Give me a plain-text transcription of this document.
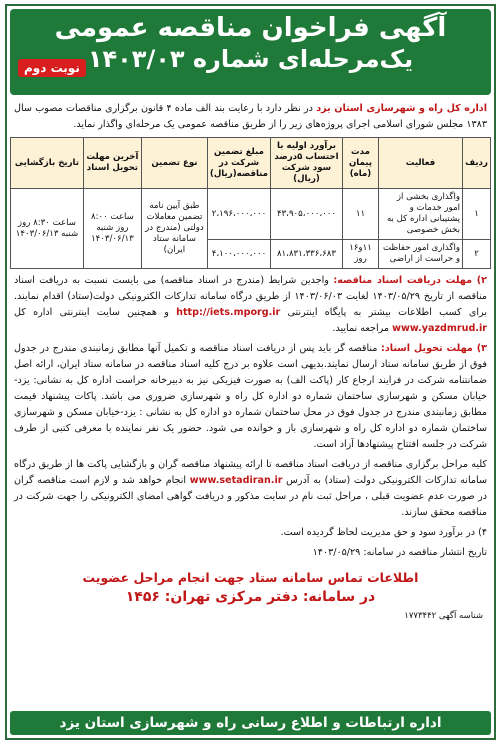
آگهی فراخوان مناقصه عمومی
یک‌مرحله‌ای شماره ۱۴۰۳/۰۳
نوبت دوم

اداره کل راه و شهرسازی استان یزد در نظر دارد با رعایت بند الف ماده ۴ قانون برگزاری مناقصات مصوب سال ۱۳۸۳ مجلس شورای اسلامی اجرای پروژه‌های زیر را از طریق مناقصه عمومی یک مرحله‌ای واگذار نماید.

ردیف	فعالیت	مدت پیمان (ماه)	برآورد اولیه با احتساب ۵درصد سود شرکت (ریال)	مبلغ تضمین شرکت در مناقصه(ریال)	نوع تضمین	آخرین مهلت تحویل اسناد	تاریخ بازگشایی
۱	واگذاری بخشی از امور خدمات و پشتیبانی اداره کل به بخش خصوصی	۱۱	۴۳،۹۰۵،۰۰۰،۰۰۰	۲،۱۹۶،۰۰۰،۰۰۰	طبق آیین نامه تضمین معاملات دولتی (مندرج در سامانه ستاد ایران)	ساعت ۸:۰۰ روز شنبه ۱۴۰۳/۰۶/۱۳	ساعت ۸:۳۰ روز شنبه ۱۴۰۳/۰۶/۱۳
۲	واگذاری امور حفاظت و حراست از اراضی	۱۱و۱۶ روز	۸۱،۸۳۱،۳۳۶،۶۸۳	۴،۱۰۰،۰۰۰،۰۰۰			

۲) مهلت دریافت اسناد مناقصه: واجدین شرایط (مندرج در اسناد مناقصه) می بایست نسبت به دریافت اسناد مناقصه از تاریخ ۱۴۰۳/۰۵/۲۹ لغایت ۱۴۰۳/۰۶/۰۳ از طریق درگاه سامانه تدارکات الکترونیکی دولت(ستاد) اقدام نمایند. برای کسب اطلاعات بیشتر به پایگاه اینترنتی http://iets.mporg.ir و همچنین سایت اینترنتی اداره کل www.yazdmrud.ir مراجعه نمایید.

۳) مهلت تحویل اسناد: مناقصه گر باید پس از دریافت اسناد مناقصه و تکمیل آنها مطابق زمانبندی مندرج در جدول فوق از طریق سامانه ستاد ارسال نمایند.بدیهی است علاوه بر درج کلیه اسناد مناقصه در سامانه ستاد ایران، ارائه اصل ضمانتنامه شرکت در فرایند ارجاع کار (پاکت الف) به صورت فیزیکی نیز به دبیرخانه حراست اداره کل به نشانی: یزد- خیابان مسکن و شهرسازی ساختمان شماره دو اداره کل راه و شهرسازی ضروری می باشد. پاکات پیشنهاد قیمت مطابق زمانبندی مندرج در جدول فوق در محل ساختمان شماره دو اداره کل به نشانی : یزد-خیابان مسکن و شهرسازی ساختمان شماره دو اداره کل راه و شهرسازی باز و خوانده می شود. حضور یک نفر نماینده با معرفی کتبی از طرف شرکت در جلسه افتتاح پیشنهادها آزاد است.

کلیه مراحل برگزاری مناقصه از دریافت اسناد مناقصه تا ارائه پیشنهاد مناقصه گران و بازگشایی پاکت ها از طریق درگاه سامانه تدارکات الکترونیکی دولت (ستاد) به آدرس www.setadiran.ir انجام خواهد شد و لازم است مناقصه گران در صورت عدم عضویت قبلی ، مراحل ثبت نام در سایت مذکور و دریافت گواهی امضای الکترونیکی را جهت شرکت در مناقصه محقق سازند.

۴) در برآورد سود و حق مدیریت لحاظ گردیده است.

تاریخ انتشار مناقصه در سامانه: ۱۴۰۳/۰۵/۲۹

اطلاعات تماس سامانه ستاد جهت انجام مراحل عضویت
در سامانه: دفتر مرکزی تهران: ۱۴۵۶

شناسه آگهی ۱۷۷۳۴۴۲

اداره ارتباطات و اطلاع رسانی راه و شهرسازی استان یزد
